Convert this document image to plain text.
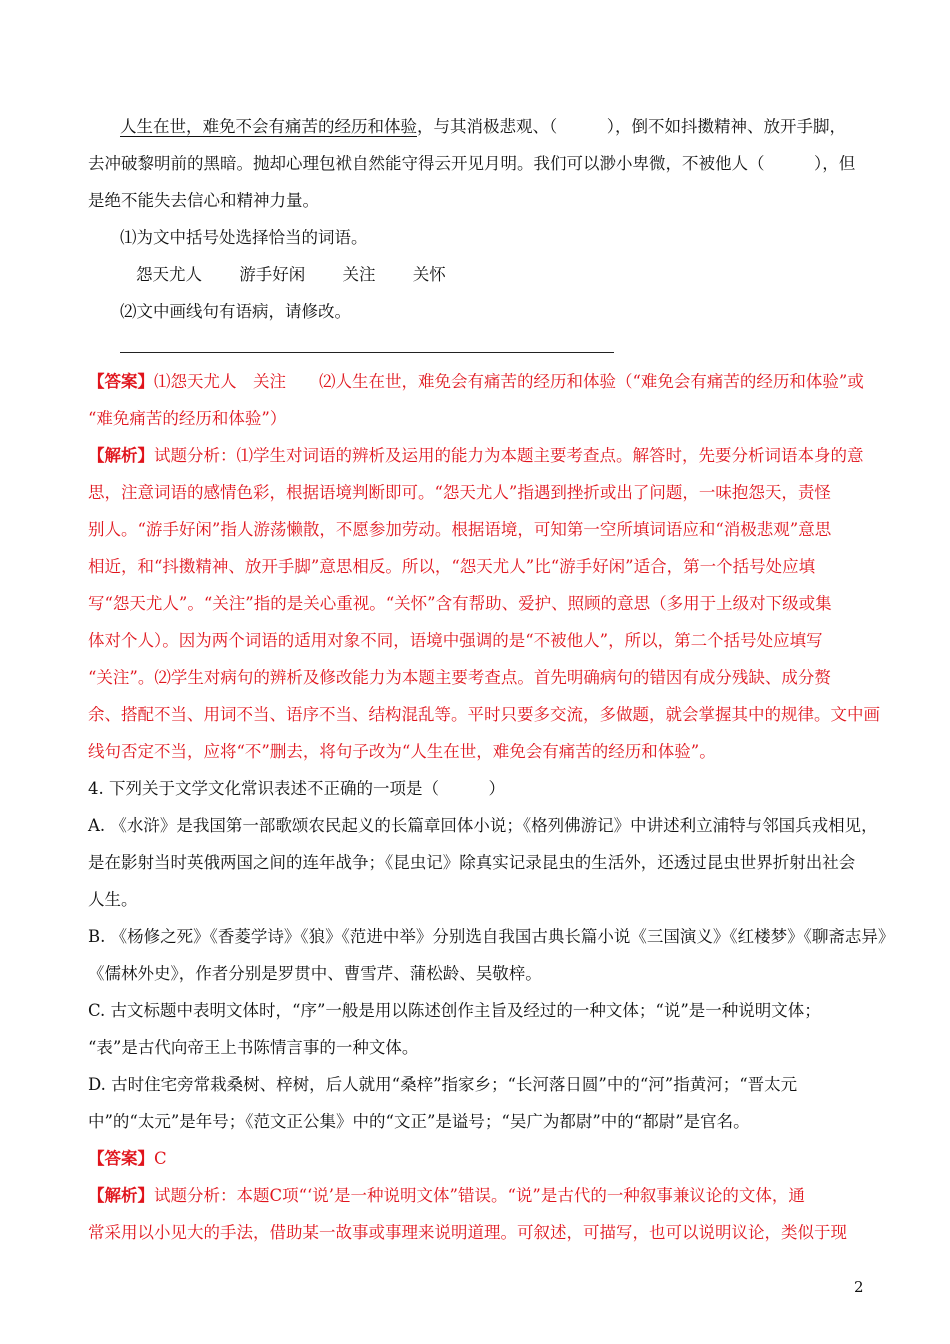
人生在世，难免不会有痛苦的经历和体验，与其消极悲观、（　　　），倒不如抖擞精神、放开手脚，

去冲破黎明前的黑暗。抛却心理包袱自然能守得云开见月明。我们可以渺小卑微，不被他人（　　　），但

是绝不能失去信心和精神力量。

⑴为文中括号处选择恰当的词语。

怨天尤人 游手好闲 关注 关怀

⑵文中画线句有语病，请修改。

【答案】⑴怨天尤人　关注　　⑵人生在世，难免会有痛苦的经历和体验（“难免会有痛苦的经历和体验”或

“难免痛苦的经历和体验”）

【解析】试题分析：⑴学生对词语的辨析及运用的能力为本题主要考查点。解答时，先要分析词语本身的意

思，注意词语的感情色彩，根据语境判断即可。“怨天尤人”指遇到挫折或出了问题，一味抱怨天，责怪

别人。“游手好闲”指人游荡懒散，不愿参加劳动。根据语境，可知第一空所填词语应和“消极悲观”意思

相近，和“抖擞精神、放开手脚”意思相反。所以，“怨天尤人”比“游手好闲”适合，第一个括号处应填

写“怨天尤人”。“关注”指的是关心重视。“关怀”含有帮助、爱护、照顾的意思（多用于上级对下级或集

体对个人）。因为两个词语的适用对象不同，语境中强调的是“不被他人”，所以，第二个括号处应填写

“关注”。⑵学生对病句的辨析及修改能力为本题主要考查点。首先明确病句的错因有成分残缺、成分赘

余、搭配不当、用词不当、语序不当、结构混乱等。平时只要多交流，多做题，就会掌握其中的规律。文中画

线句否定不当，应将“不”删去，将句子改为“人生在世，难免会有痛苦的经历和体验”。

4. 下列关于文学文化常识表述不正确的一项是（　　　）

A. 《水浒》是我国第一部歌颂农民起义的长篇章回体小说；《格列佛游记》中讲述利立浦特与邻国兵戎相见，

是在影射当时英俄两国之间的连年战争；《昆虫记》除真实记录昆虫的生活外，还透过昆虫世界折射出社会

人生。

B. 《杨修之死》《香菱学诗》《狼》《范进中举》分别选自我国古典长篇小说《三国演义》《红楼梦》《聊斋志异》

《儒林外史》，作者分别是罗贯中、曹雪芹、蒲松龄、吴敬梓。

C. 古文标题中表明文体时，“序”一般是用以陈述创作主旨及经过的一种文体；“说”是一种说明文体；

“表”是古代向帝王上书陈情言事的一种文体。

D. 古时住宅旁常栽桑树、梓树，后人就用“桑梓”指家乡；“长河落日圆”中的“河”指黄河；“晋太元

中”的“太元”是年号；《范文正公集》中的“文正”是谥号；“吴广为都尉”中的“都尉”是官名。

【答案】C

【解析】试题分析：本题C项“‘说’是一种说明文体”错误。“说”是古代的一种叙事兼议论的文体，通

常采用以小见大的手法，借助某一故事或事理来说明道理。可叙述，可描写，也可以说明议论，类似于现

2
